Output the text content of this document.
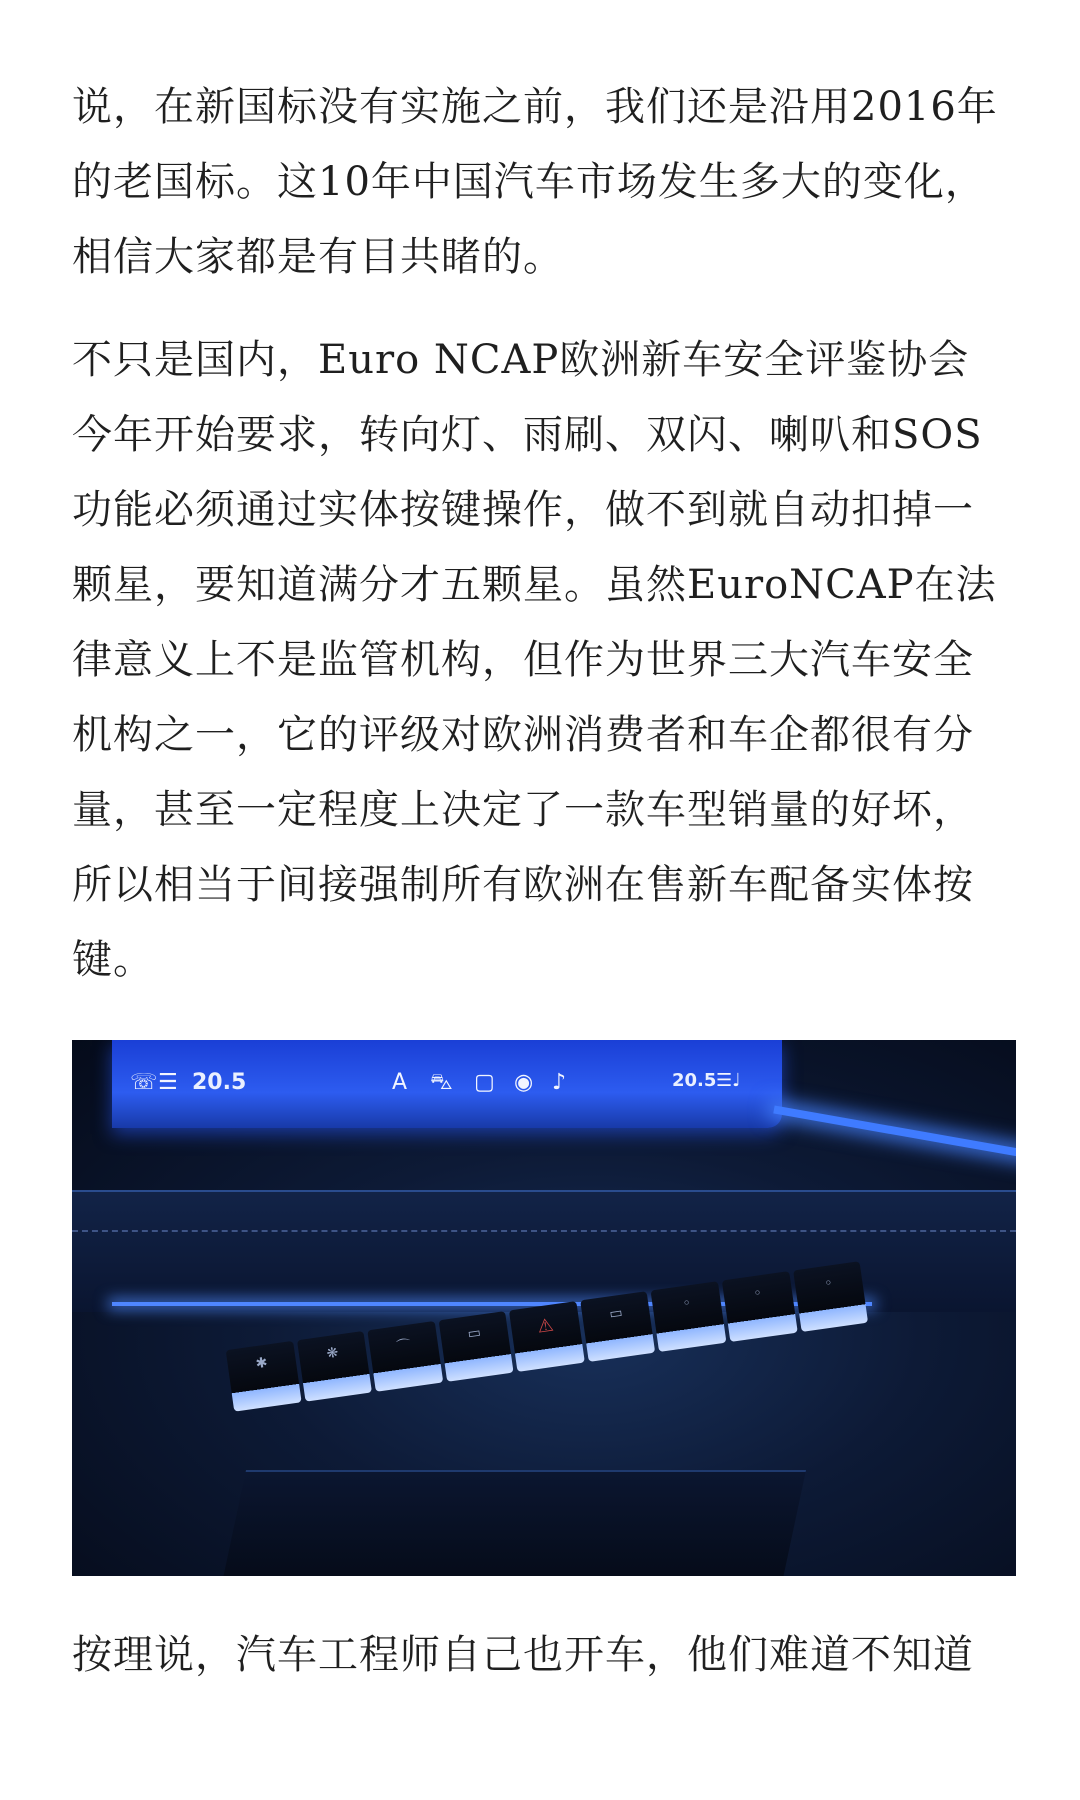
说，在新国标没有实施之前，我们还是沿用2016年的老国标。这10年中国汽车市场发生多大的变化，相信大家都是有目共睹的。

不只是国内，Euro NCAP欧洲新车安全评鉴协会今年开始要求，转向灯、雨刷、双闪、喇叭和SOS功能必须通过实体按键操作，做不到就自动扣掉一颗星，要知道满分才五颗星。虽然EuroNCAP在法律意义上不是监管机构，但作为世界三大汽车安全机构之一，它的评级对欧洲消费者和车企都很有分量，甚至一定程度上决定了一款车型销量的好坏，所以相当于间接强制所有欧洲在售新车配备实体按键。

☏ ☰ 20.5	A ⛍ ▢ ◉ ♪	20.5 ☰♩
✱
❋	⌒
▭	⚠
▭
◦
◦
◦

按理说，汽车工程师自己也开车，他们难道不知道
